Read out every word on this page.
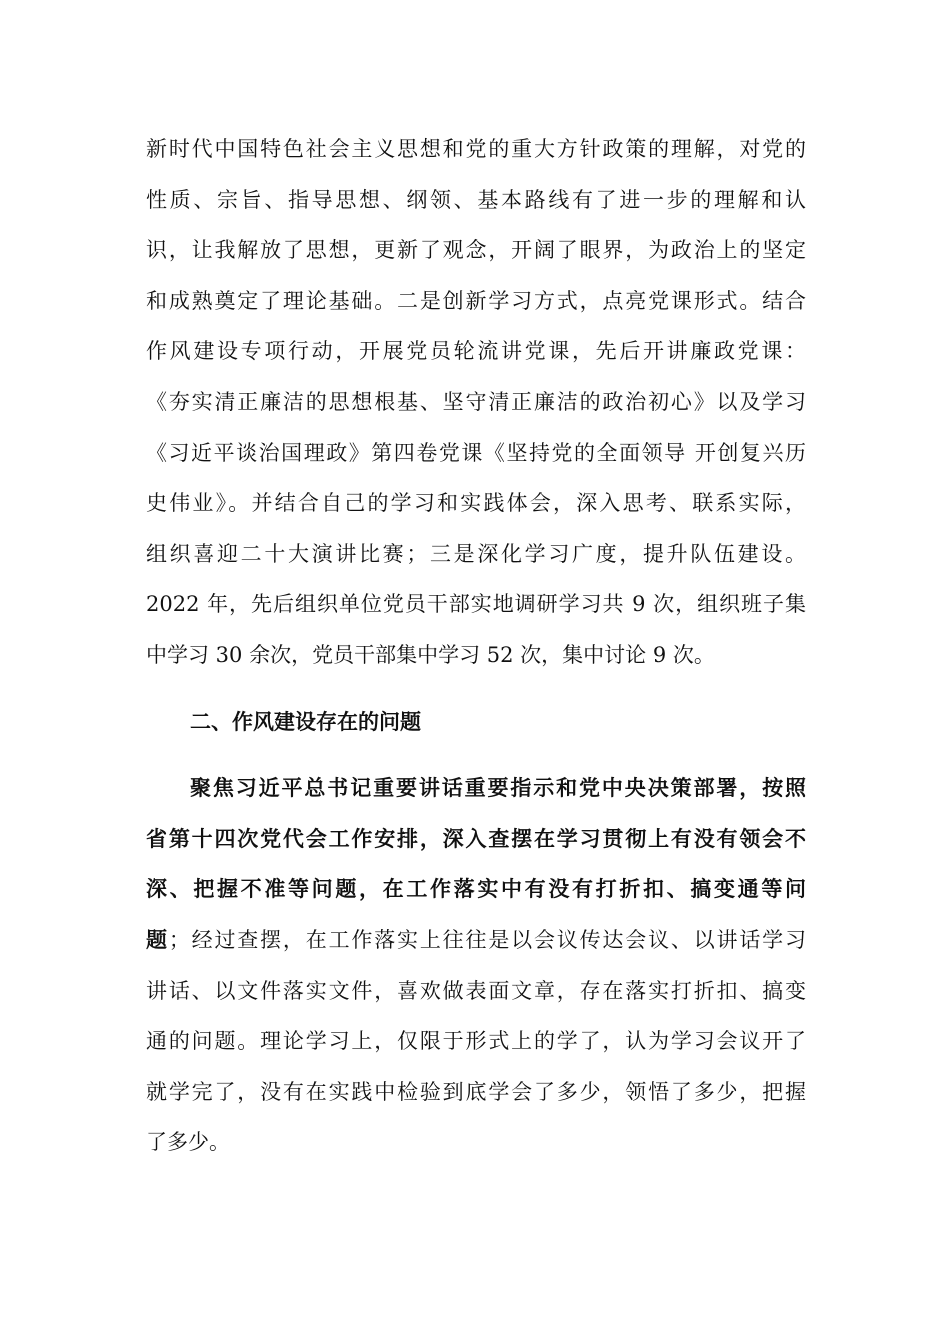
新时代中国特色社会主义思想和党的重大方针政策的理解，对党的
性质、宗旨、指导思想、纲领、基本路线有了进一步的理解和认
识，让我解放了思想，更新了观念，开阔了眼界，为政治上的坚定
和成熟奠定了理论基础。二是创新学习方式，点亮党课形式。结合
作风建设专项行动，开展党员轮流讲党课，先后开讲廉政党课：
《夯实清正廉洁的思想根基、坚守清正廉洁的政治初心》以及学习
《习近平谈治国理政》第四卷党课《坚持党的全面领导 开创复兴历
史伟业》。并结合自己的学习和实践体会，深入思考、联系实际，
组织喜迎二十大演讲比赛；三是深化学习广度，提升队伍建设。
2022 年，先后组织单位党员干部实地调研学习共 9 次，组织班子集
中学习 30 余次，党员干部集中学习 52 次，集中讨论 9 次。
二、作风建设存在的问题
聚焦习近平总书记重要讲话重要指示和党中央决策部署，按照
省第十四次党代会工作安排，深入查摆在学习贯彻上有没有领会不
深、把握不准等问题，在工作落实中有没有打折扣、搞变通等问
题；经过查摆，在工作落实上往往是以会议传达会议、以讲话学习
讲话、以文件落实文件，喜欢做表面文章，存在落实打折扣、搞变
通的问题。理论学习上，仅限于形式上的学了，认为学习会议开了
就学完了，没有在实践中检验到底学会了多少，领悟了多少，把握
了多少。
